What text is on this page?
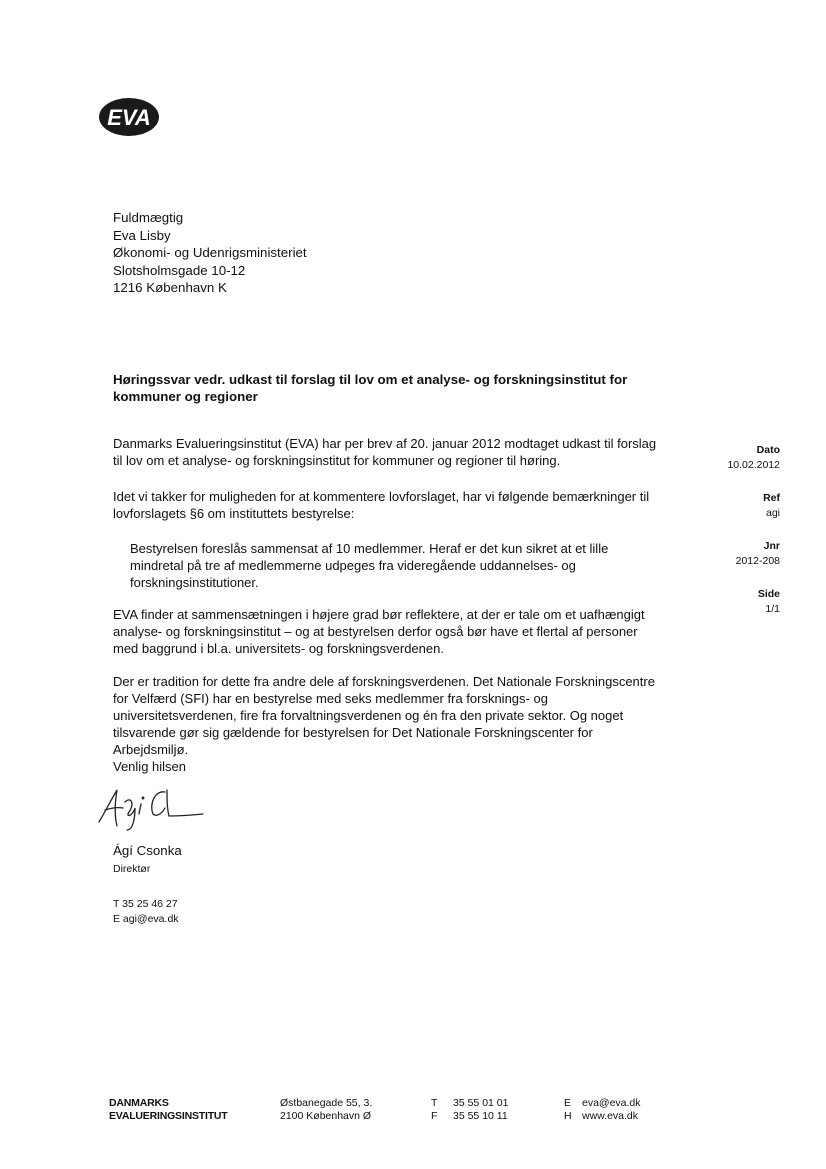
EVA
Fuldmægtig
Eva Lisby
Økonomi- og Udenrigsministeriet
Slotsholmsgade 10-12
1216 København K
Høringssvar vedr. udkast til forslag til lov om et analyse- og forskningsinstitut for kommuner og regioner
Danmarks Evalueringsinstitut (EVA) har per brev af 20. januar 2012 modtaget udkast til forslag til lov om et analyse- og forskningsinstitut for kommuner og regioner til høring.
Idet vi takker for muligheden for at kommentere lovforslaget, har vi følgende bemærkninger til lovforslagets §6 om instituttets bestyrelse:
Bestyrelsen foreslås sammensat af 10 medlemmer. Heraf er det kun sikret at et lille mindretal på tre af medlemmerne udpeges fra videregående uddannelses- og forskningsinstitutioner.
EVA finder at sammensætningen i højere grad bør reflektere, at der er tale om et uafhængigt analyse- og forskningsinstitut – og at bestyrelsen derfor også bør have et flertal af personer med baggrund i bl.a. universitets- og forskningsverdenen.
Der er tradition for dette fra andre dele af forskningsverdenen. Det Nationale Forskningscentre for Velfærd (SFI) har en bestyrelse med seks medlemmer fra forsknings- og universitetsverdenen, fire fra forvaltningsverdenen og én fra den private sektor. Og noget tilsvarende gør sig gældende for bestyrelsen for Det Nationale Forskningscenter for Arbejdsmiljø.
Venlig hilsen
Dato
10.02.2012
Ref
agi
Jnr
2012-208
Side
1/1
Ágí Csonka
Direktør
T 35 25 46 27
E agi@eva.dk
DANMARKS
EVALUERINGSINSTITUT
Østbanegade 55, 3.
2100 København Ø
T
F
35 55 01 01
35 55 10 11
E
H
eva@eva.dk
www.eva.dk
